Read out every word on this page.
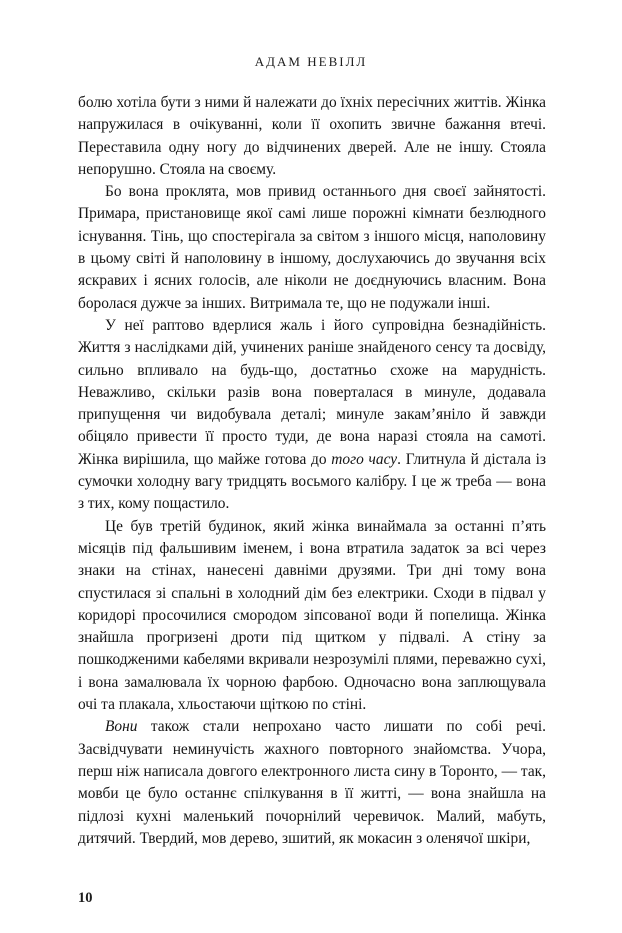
АДАМ НЕВІЛЛ

болю хотіла бути з ними й належати до їхніх пересічних життів. Жінка напружилася в очікуванні, коли її охопить звичне бажання втечі. Переставила одну ногу до відчинених дверей. Але не іншу. Стояла непорушно. Стояла на своєму.

Бо вона проклята, мов привид останнього дня своєї зайнятості. Примара, пристановище якої самі лише порожні кімнати безлюдного існування. Тінь, що спостерігала за світом з іншого місця, наполовину в цьому світі й наполовину в іншому, дослухаючись до звучання всіх яскравих і ясних голосів, але ніколи не доєднуючись власним. Вона боролася дужче за інших. Витримала те, що не подужали інші.

У неї раптово вдерлися жаль і його супровідна безнадійність. Життя з наслідками дій, учинених раніше знайденого сенсу та досвіду, сильно впливало на будь-що, достатньо схоже на марудність. Неважливо, скільки разів вона поверталася в минуле, додавала припущення чи видобувала деталі; минуле закам’яніло й завжди обіцяло привести її просто туди, де вона наразі стояла на самоті. Жінка вирішила, що майже готова до того часу. Глитнула й дістала із сумочки холодну вагу тридцять восьмого калібру. І це ж треба — вона з тих, кому пощастило.

Це був третій будинок, який жінка винаймала за останні п’ять місяців під фальшивим іменем, і вона втратила задаток за всі через знаки на стінах, нанесені давніми друзями. Три дні тому вона спустилася зі спальні в холодний дім без електрики. Сходи в підвал у коридорі просочилися смородом зіпсованої води й попелища. Жінка знайшла прогризені дроти під щитком у підвалі. А стіну за пошкодженими кабелями вкривали незрозумілі плями, переважно сухі, і вона замалювала їх чорною фарбою. Одночасно вона заплющувала очі та плакала, хльостаючи щіткою по стіні.

Вони також стали непрохано часто лишати по собі речі. Засвідчувати неминучість жахного повторного знайомства. Учора, перш ніж написала довгого електронного листа сину в Торонто, — так, мовби це було останнє спілкування в її житті, — вона знайшла на підлозі кухні маленький почорнілий черевичок. Малий, мабуть, дитячий. Твердий, мов дерево, зшитий, як мокасин з оленячої шкіри,

10
